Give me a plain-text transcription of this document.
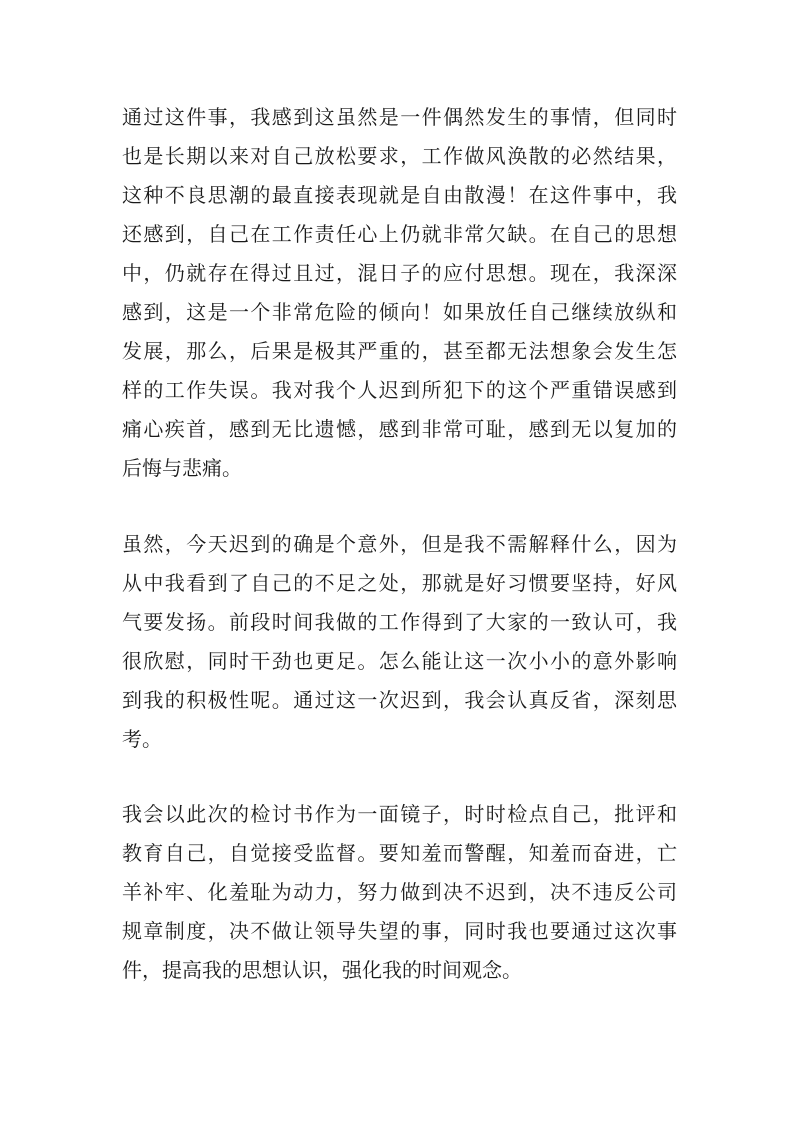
通过这件事，我感到这虽然是一件偶然发生的事情，但同时

也是长期以来对自己放松要求，工作做风涣散的必然结果，

这种不良思潮的最直接表现就是自由散漫！在这件事中，我

还感到，自己在工作责任心上仍就非常欠缺。在自己的思想

中，仍就存在得过且过，混日子的应付思想。现在，我深深

感到，这是一个非常危险的倾向！如果放任自己继续放纵和

发展，那么，后果是极其严重的，甚至都无法想象会发生怎

样的工作失误。我对我个人迟到所犯下的这个严重错误感到

痛心疾首，感到无比遗憾，感到非常可耻，感到无以复加的

后悔与悲痛。

虽然，今天迟到的确是个意外，但是我不需解释什么，因为

从中我看到了自己的不足之处，那就是好习惯要坚持，好风

气要发扬。前段时间我做的工作得到了大家的一致认可，我

很欣慰，同时干劲也更足。怎么能让这一次小小的意外影响

到我的积极性呢。通过这一次迟到，我会认真反省，深刻思

考。

我会以此次的检讨书作为一面镜子，时时检点自己，批评和

教育自己，自觉接受监督。要知羞而警醒，知羞而奋进，亡

羊补牢、化羞耻为动力，努力做到决不迟到，决不违反公司

规章制度，决不做让领导失望的事，同时我也要通过这次事

件，提高我的思想认识，强化我的时间观念。
